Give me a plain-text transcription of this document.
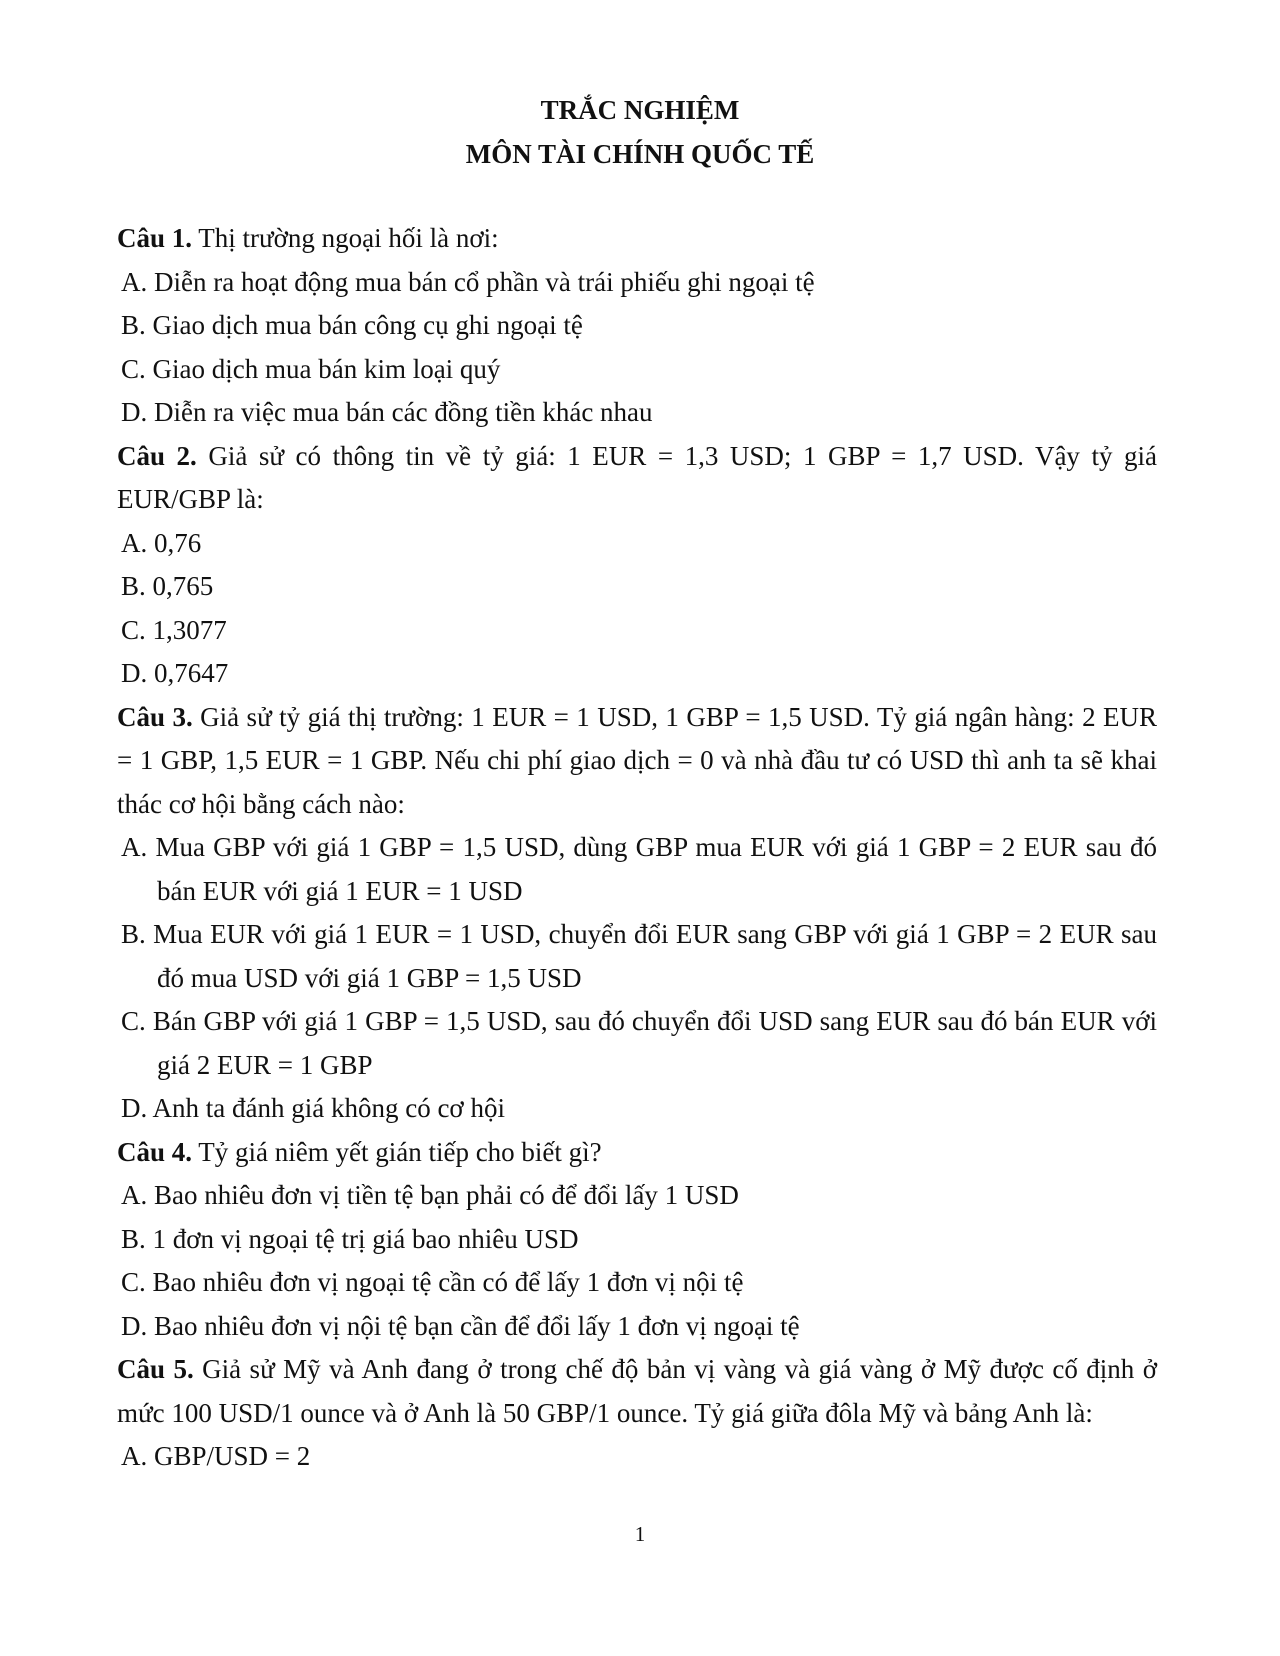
TRẮC NGHIỆM
MÔN TÀI CHÍNH QUỐC TẾ
Câu 1. Thị trường ngoại hối là nơi:
A. Diễn ra hoạt động mua bán cổ phần và trái phiếu ghi ngoại tệ
B. Giao dịch mua bán công cụ ghi ngoại tệ
C. Giao dịch mua bán kim loại quý
D. Diễn ra việc mua bán các đồng tiền khác nhau
Câu 2. Giả sử có thông tin về tỷ giá: 1 EUR = 1,3 USD; 1 GBP = 1,7 USD. Vậy tỷ giá EUR/GBP là:
A. 0,76
B. 0,765
C. 1,3077
D. 0,7647
Câu 3. Giả sử tỷ giá thị trường: 1 EUR = 1 USD, 1 GBP = 1,5 USD. Tỷ giá ngân hàng: 2 EUR = 1 GBP, 1,5 EUR = 1 GBP. Nếu chi phí giao dịch = 0 và nhà đầu tư có USD thì anh ta sẽ khai thác cơ hội bằng cách nào:
A. Mua GBP với giá 1 GBP = 1,5 USD, dùng GBP mua EUR với giá 1 GBP = 2 EUR sau đó bán EUR với giá 1 EUR = 1 USD
B. Mua EUR với giá 1 EUR = 1 USD, chuyển đổi EUR sang GBP với giá 1 GBP = 2 EUR sau đó mua USD với giá 1 GBP = 1,5 USD
C. Bán GBP với giá 1 GBP = 1,5 USD, sau đó chuyển đổi USD sang EUR sau đó bán EUR với giá 2 EUR = 1 GBP
D. Anh ta đánh giá không có cơ hội
Câu 4. Tỷ giá niêm yết gián tiếp cho biết gì?
A. Bao nhiêu đơn vị tiền tệ bạn phải có để đổi lấy 1 USD
B. 1 đơn vị ngoại tệ trị giá bao nhiêu USD
C. Bao nhiêu đơn vị ngoại tệ cần có để lấy 1 đơn vị nội tệ
D. Bao nhiêu đơn vị nội tệ bạn cần để đổi lấy 1 đơn vị ngoại tệ
Câu 5. Giả sử Mỹ và Anh đang ở trong chế độ bản vị vàng và giá vàng ở Mỹ được cố định ở mức 100 USD/1 ounce và ở Anh là 50 GBP/1 ounce. Tỷ giá giữa đôla Mỹ và bảng Anh là:
A. GBP/USD = 2
1
